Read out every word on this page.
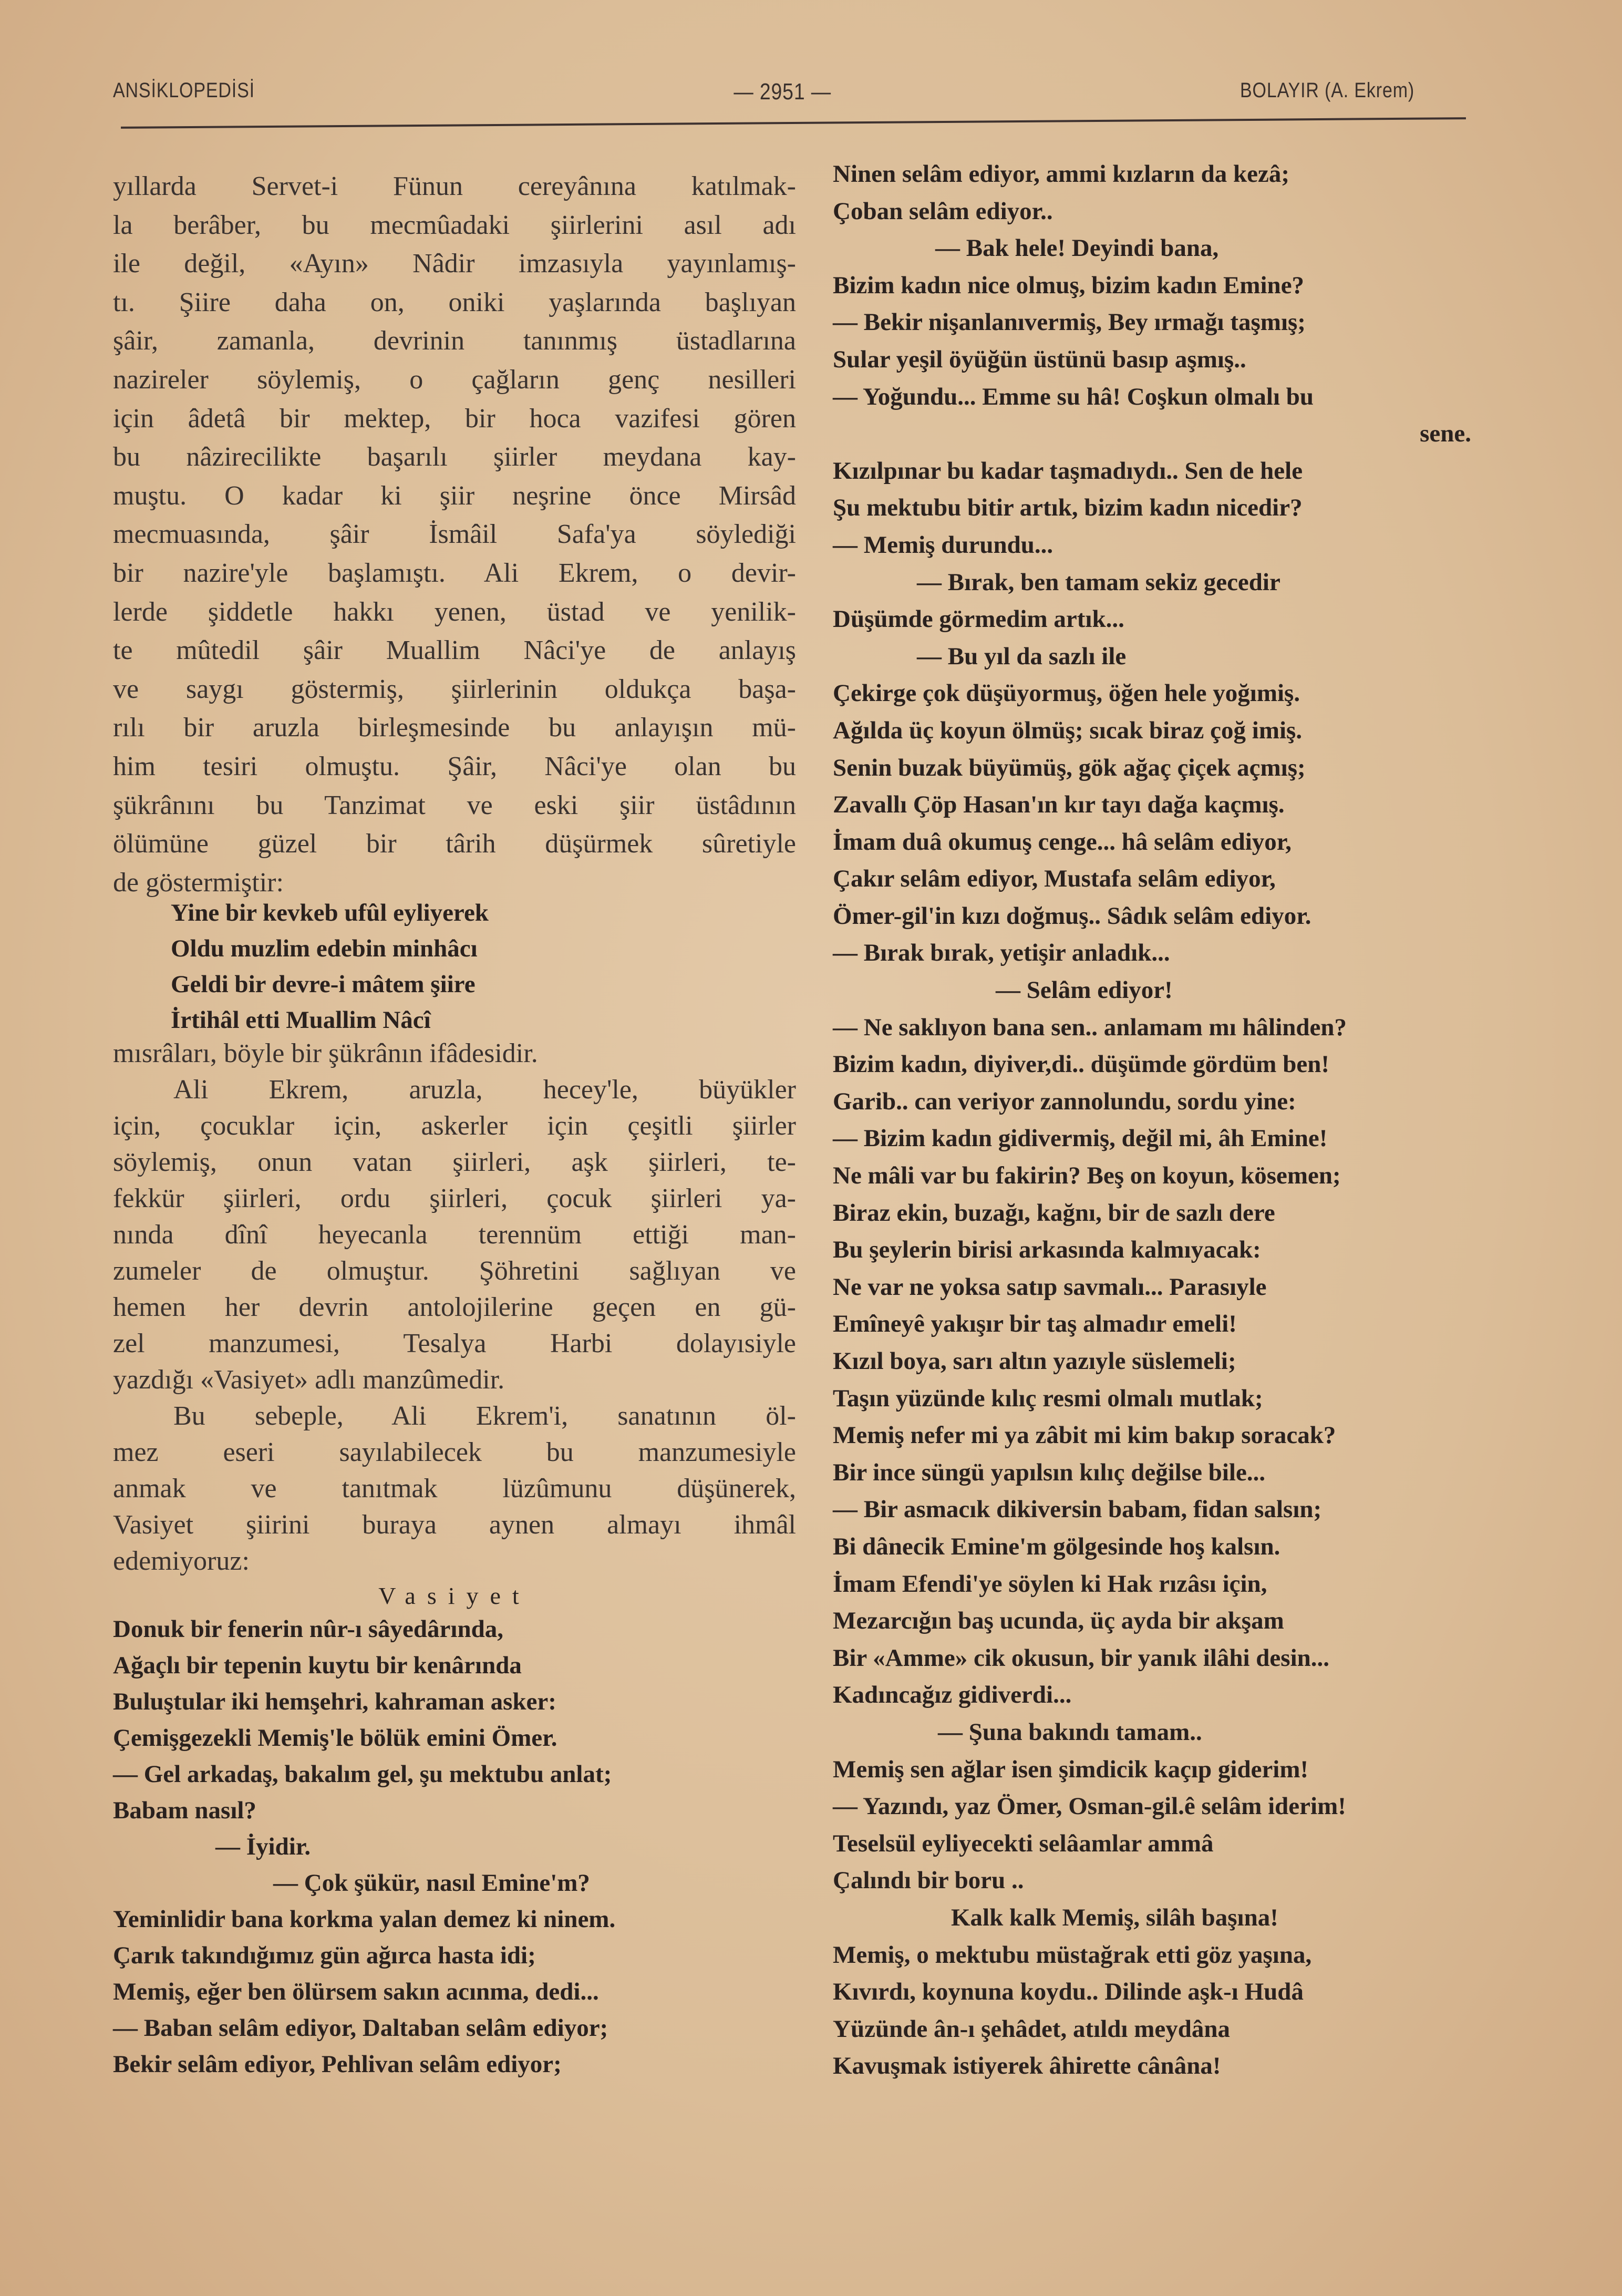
ANSİKLOPEDİSİ	— 2951 —	BOLAYIR (A. Ekrem)
yıllarda Servet-i Fünun cereyânına katılmak-
la berâber, bu mecmûadaki şiirlerini asıl adı
ile değil, «Ayın» Nâdir imzasıyla yayınlamış-
tı. Şiire daha on, oniki yaşlarında başlıyan
şâir, zamanla, devrinin tanınmış üstadlarına
nazireler söylemiş, o çağların genç nesilleri
için âdetâ bir mektep, bir hoca vazifesi gören
bu nâzirecilikte başarılı şiirler meydana kay-
muştu. O kadar ki şiir neşrine önce Mirsâd
mecmuasında, şâir İsmâil Safa'ya söylediği
bir nazire'yle başlamıştı. Ali Ekrem, o devir-
lerde şiddetle hakkı yenen, üstad ve yenilik-
te mûtedil şâir Muallim Nâci'ye de anlayış
ve saygı göstermiş, şiirlerinin oldukça başa-
rılı bir aruzla birleşmesinde bu anlayışın mü-
him tesiri olmuştu. Şâir, Nâci'ye olan bu
şükrânını bu Tanzimat ve eski şiir üstâdının
ölümüne güzel bir târih düşürmek sûretiyle
de göstermiştir:
Yine bir kevkeb ufûl eyliyerek
Oldu muzlim edebin minhâcı
Geldi bir devre-i mâtem şiire
İrtihâl etti Muallim Nâcî
mısrâları, böyle bir şükrânın ifâdesidir.
Ali Ekrem, aruzla, hecey'le, büyükler
için, çocuklar için, askerler için çeşitli şiirler
söylemiş, onun vatan şiirleri, aşk şiirleri, te-
fekkür şiirleri, ordu şiirleri, çocuk şiirleri ya-
nında dînî heyecanla terennüm ettiği man-
zumeler de olmuştur. Şöhretini sağlıyan ve
hemen her devrin antolojilerine geçen en gü-
zel manzumesi, Tesalya Harbi dolayısiyle
yazdığı «Vasiyet» adlı manzûmedir.
Bu sebeple, Ali Ekrem'i, sanatının öl-
mez eseri sayılabilecek bu manzumesiyle
anmak ve tanıtmak lüzûmunu düşünerek,
Vasiyet şiirini buraya aynen almayı ihmâl
edemiyoruz:
Vasiyet
Donuk bir fenerin nûr-ı sâyedârında,
Ağaçlı bir tepenin kuytu bir kenârında
Buluştular iki hemşehri, kahraman asker:
Çemişgezekli Memiş'le bölük emini Ömer.
— Gel arkadaş, bakalım gel, şu mektubu anlat;
Babam nasıl?
— İyidir.
— Çok şükür, nasıl Emine'm?
Yeminlidir bana korkma yalan demez ki ninem.
Çarık takındığımız gün ağırca hasta idi;
Memiş, eğer ben ölürsem sakın acınma, dedi...
— Baban selâm ediyor, Daltaban selâm ediyor;
Bekir selâm ediyor, Pehlivan selâm ediyor;
Ninen selâm ediyor, ammi kızların da kezâ;
Çoban selâm ediyor..
— Bak hele! Deyindi bana,
Bizim kadın nice olmuş, bizim kadın Emine?
— Bekir nişanlanıvermiş, Bey ırmağı taşmış;
Sular yeşil öyüğün üstünü basıp aşmış..
— Yoğundu... Emme su hâ! Coşkun olmalı bu
sene.
Kızılpınar bu kadar taşmadıydı.. Sen de hele
Şu mektubu bitir artık, bizim kadın nicedir?
— Memiş durundu...
— Bırak, ben tamam sekiz gecedir
Düşümde görmedim artık...
— Bu yıl da sazlı ile
Çekirge çok düşüyormuş, öğen hele yoğımiş.
Ağılda üç koyun ölmüş; sıcak biraz çoğ imiş.
Senin buzak büyümüş, gök ağaç çiçek açmış;
Zavallı Çöp Hasan'ın kır tayı dağa kaçmış.
İmam duâ okumuş cenge... hâ selâm ediyor,
Çakır selâm ediyor, Mustafa selâm ediyor,
Ömer-gil'in kızı doğmuş.. Sâdık selâm ediyor.
— Bırak bırak, yetişir anladık...
— Selâm ediyor!
— Ne saklıyon bana sen.. anlamam mı hâlinden?
Bizim kadın, diyiver,di.. düşümde gördüm ben!
Garib.. can veriyor zannolundu, sordu yine:
— Bizim kadın gidivermiş, değil mi, âh Emine!
Ne mâli var bu fakirin? Beş on koyun, kösemen;
Biraz ekin, buzağı, kağnı, bir de sazlı dere
Bu şeylerin birisi arkasında kalmıyacak:
Ne var ne yoksa satıp savmalı... Parasıyle
Emîneyê yakışır bir taş almadır emeli!
Kızıl boya, sarı altın yazıyle süslemeli;
Taşın yüzünde kılıç resmi olmalı mutlak;
Memiş nefer mi ya zâbit mi kim bakıp soracak?
Bir ince süngü yapılsın kılıç değilse bile...
— Bir asmacık dikiversin babam, fidan salsın;
Bi dânecik Emine'm gölgesinde hoş kalsın.
İmam Efendi'ye söylen ki Hak rızâsı için,
Mezarcığın baş ucunda, üç ayda bir akşam
Bir «Amme» cik okusun, bir yanık ilâhi desin...
Kadıncağız gidiverdi...
— Şuna bakındı tamam..
Memiş sen ağlar isen şimdicik kaçıp giderim!
— Yazındı, yaz Ömer, Osman-gil.ê selâm iderim!
Teselsül eyliyecekti selâamlar ammâ
Çalındı bir boru ..
Kalk kalk Memiş, silâh başına!
Memiş, o mektubu müstağrak etti göz yaşına,
Kıvırdı, koynuna koydu.. Dilinde aşk-ı Hudâ
Yüzünde ân-ı şehâdet, atıldı meydâna
Kavuşmak istiyerek âhirette cânâna!
